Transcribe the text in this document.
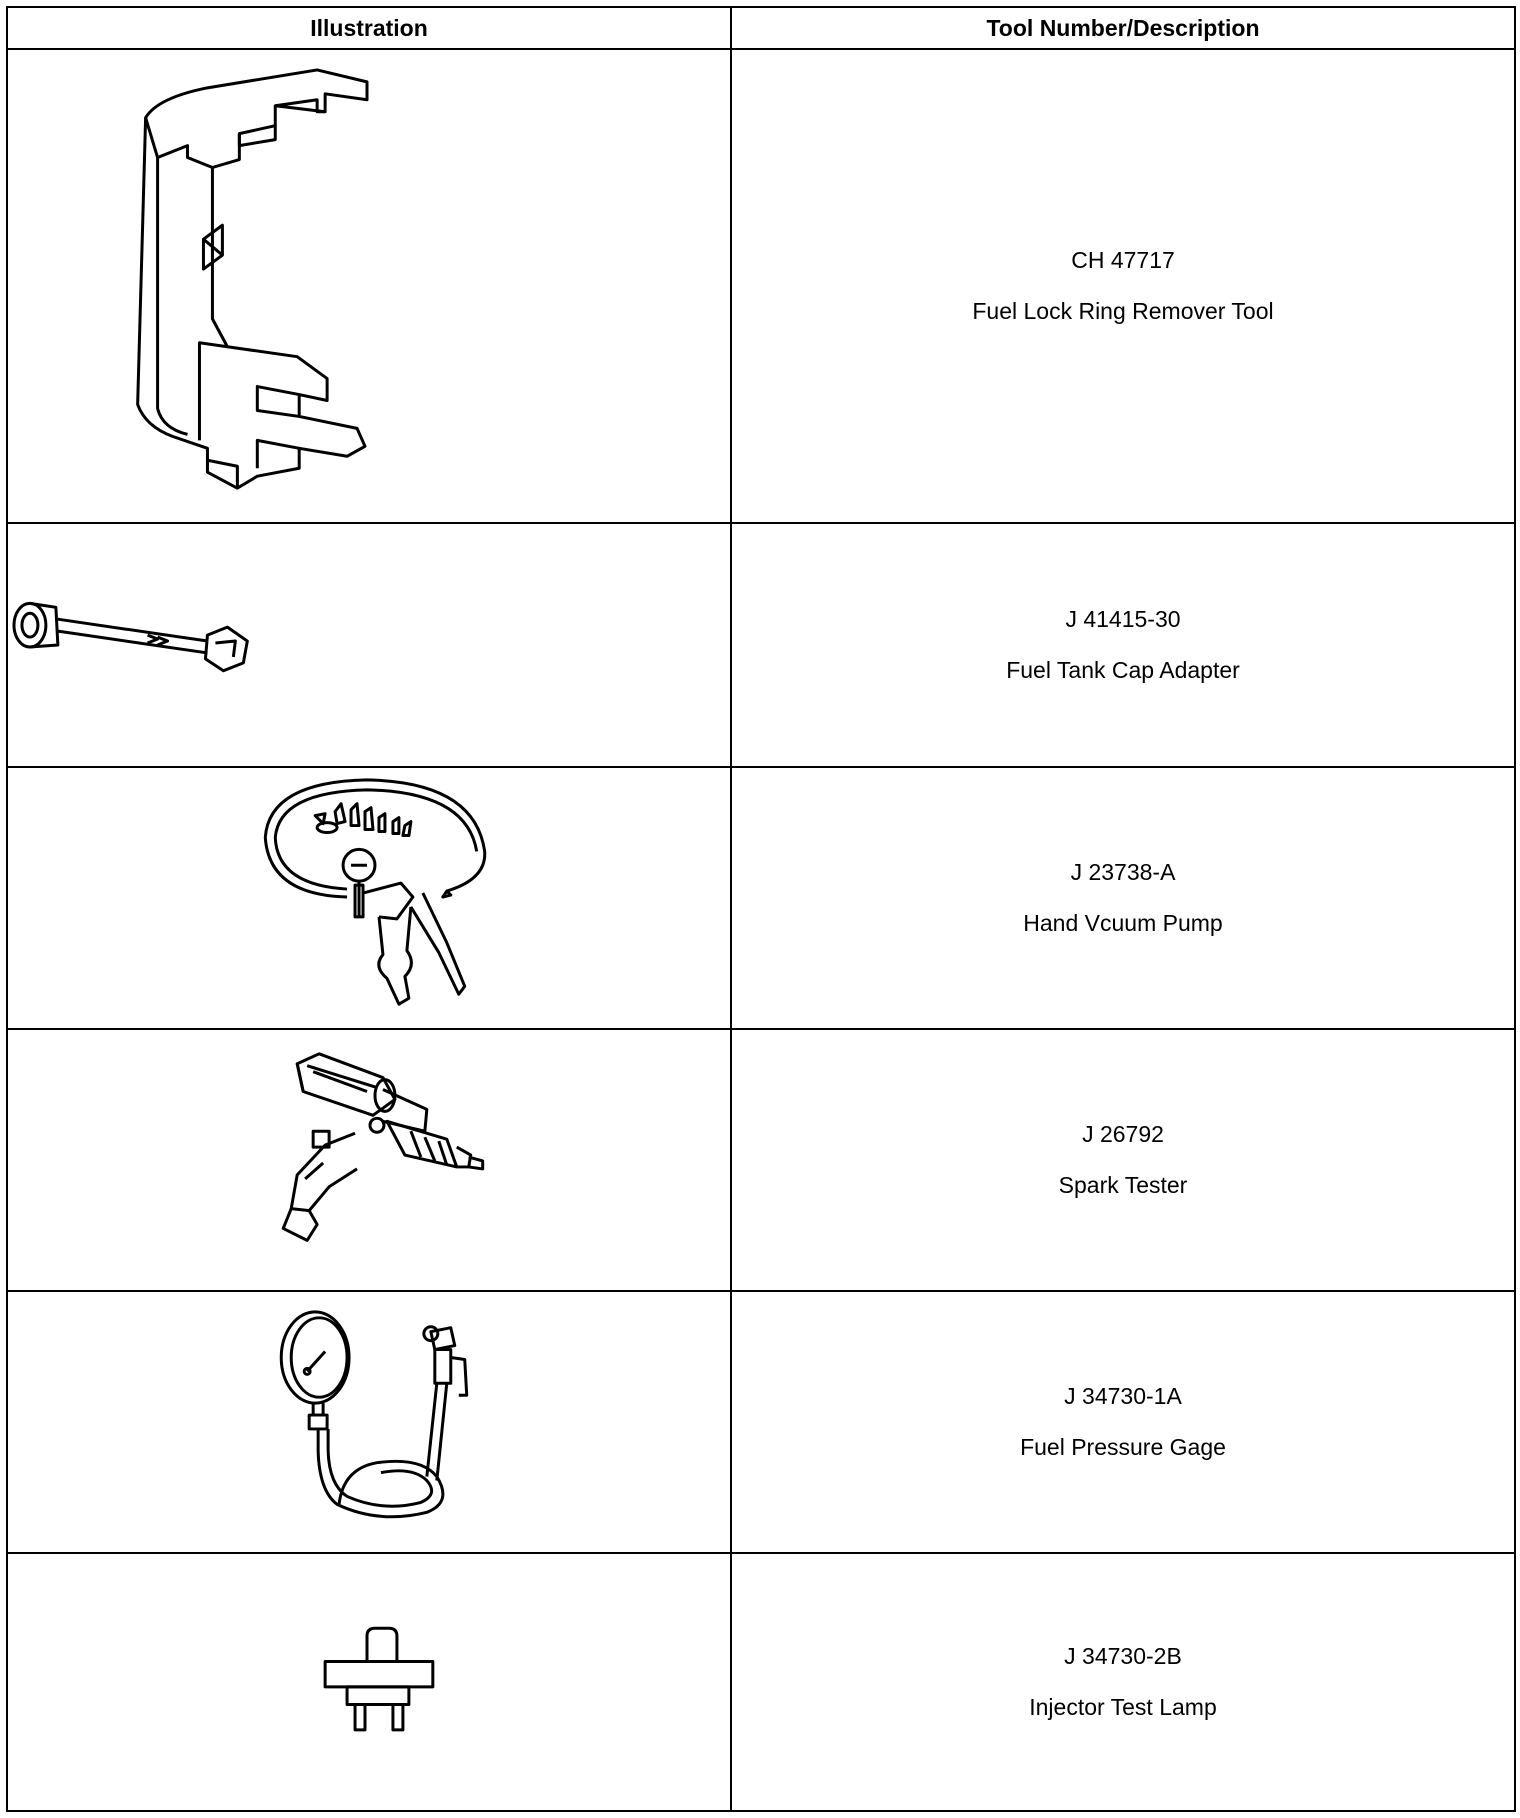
Illustration	Tool Number/Description

CH 47717
Fuel Lock Ring Remover Tool

J 41415-30
Fuel Tank Cap Adapter

J 23738-A
Hand Vcuum Pump

J 26792
Spark Tester

J 34730-1A
Fuel Pressure Gage

J 34730-2B
Injector Test Lamp
